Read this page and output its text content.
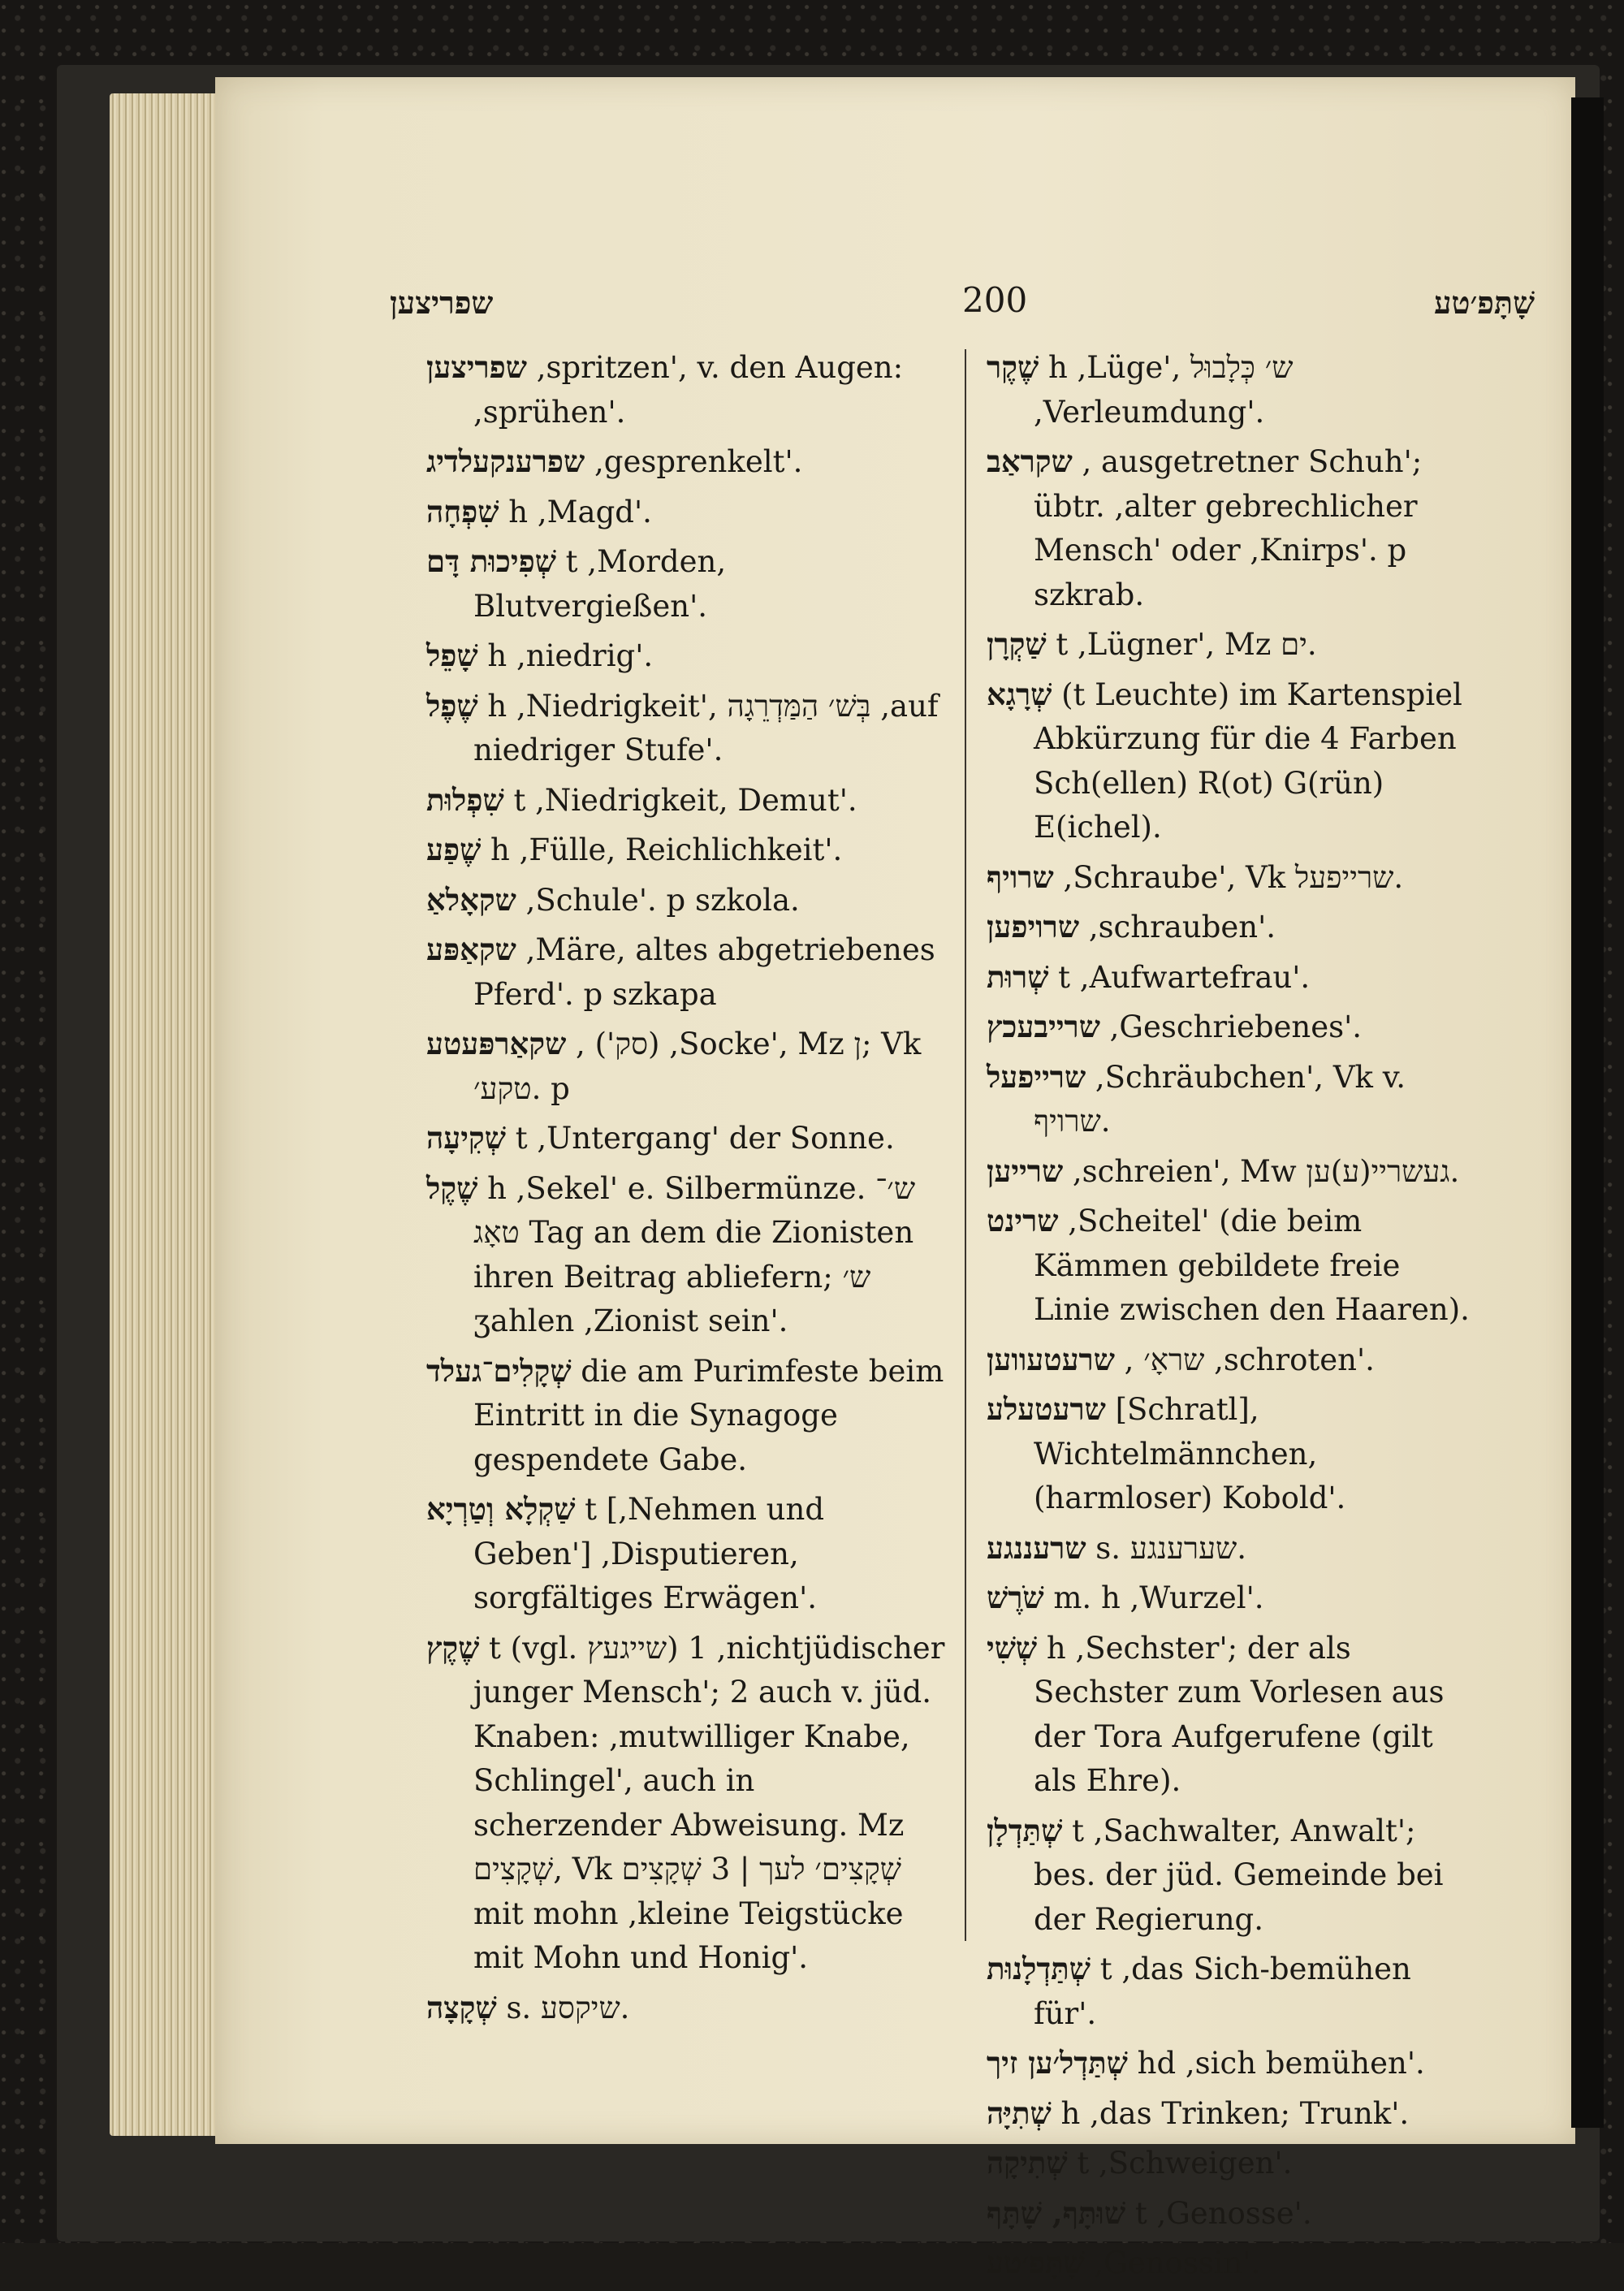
שפריצען	200	שָׁתָּפ׳טע
שפריצען ,spritzen', v. den Augen: ,sprühen'.
שפרענקעלדיג ,gesprenkelt'.
שִׁפְחָה h ,Magd'.
שְׁפִיכוּת דָּם t ,Morden, Blutvergießen'.
שָׁפֵל h ,niedrig'.
שֶׁפֶל h ,Niedrigkeit', בְּשׁ׳ הַמַּדְרֵגָה ,auf niedriger Stufe'.
שִׁפְלוּת t ,Niedrigkeit, Demut'.
שֶׁפַע h ,Fülle, Reichlichkeit'.
שקאָלאַ ,Schule'. p szkola.
שקאַפּע ,Märe, altes abgetriebenes Pferd'. p szkapa
שקאַרפּעטע , ('סק) ,Socke', Mz ן; Vk טקע׳. p
שְׁקִיעָה t ,Untergang' der Sonne.
שֶׁקֶל h ,Sekel' e. Silbermünze. ש׳־טאָג Tag an dem die Zionisten ihren Beitrag abliefern; ש׳ ʒahlen ,Zionist sein'.
שְׁקָלִים־געלד die am Purimfeste beim Eintritt in die Synagoge gespendete Gabe.
שַׁקְלָא וְטַרְיָא t [,Nehmen und Geben'] ,Disputieren, sorgfältiges Erwägen'.
שֶׁקֶץ t (vgl. שייגעץ) 1 ,nichtjüdischer junger Mensch'; 2 auch v. jüd. Knaben: ,mutwilliger Knabe, Schlingel', auch in scherzender Abweisung. Mz שְׁקָצִים, Vk שְׁקָצִים׳ לעך | 3 שְׁקָצִים mit mohn ,kleine Teigstücke mit Mohn und Honig'.
שְׁקָצָה s. שיקסע.
שֶׁקֶר h ,Lüge', ש׳ כְּלָבוּל ,Verleumdung'.
שקראַב , ausgetretner Schuh'; übtr. ,alter gebrechlicher Mensch' oder ,Knirps'. p szkrab.
שַׁקְרָן t ,Lügner', Mz ים.
שְׁרָגָא (t Leuchte) im Kartenspiel Abkürzung für die 4 Farben Sch(ellen) R(ot) G(rün) E(ichel).
שרויף ,Schraube', Vk שרייפעל.
שרויפען ,schrauben'.
שְׁרוּת t ,Aufwartefrau'.
שרייבעכץ ,Geschriebenes'.
שרייפעל ,Schräubchen', Vk v. שרויף.
שרייען ,schreien', Mw געשריי(ע)ען.
שרינט ,Scheitel' (die beim Kämmen gebildete freie Linie zwischen den Haaren).
שרעטעווען , שראָ׳ ,schroten'.
שרעטעלע [Schratl], Wichtelmännchen, (harmloser) Kobold'.
שרעננגע s. שערענגע.
שֹׁרֶשׁ m. h ,Wurzel'.
שְׁשִׁי h ,Sechster'; der als Sechster zum Vorlesen aus der Tora Aufgerufene (gilt als Ehre).
שְׁתַּדְלָן t ,Sachwalter, Anwalt'; bes. der jüd. Gemeinde bei der Regierung.
שְׁתַּדְלָנוּת t ,das Sich-bemühen für'.
שְׁתַּדְל׳ען זיך hd ,sich bemühen'.
שְׁתִיָּה h ,das Trinken; Trunk'.
שְׁתִיקָה t ,Schweigen'.
שׁוּתָּף, שָׁתָּף t ,Genosse'.
שָׁתָּפ׳טע ,Genossin'.
